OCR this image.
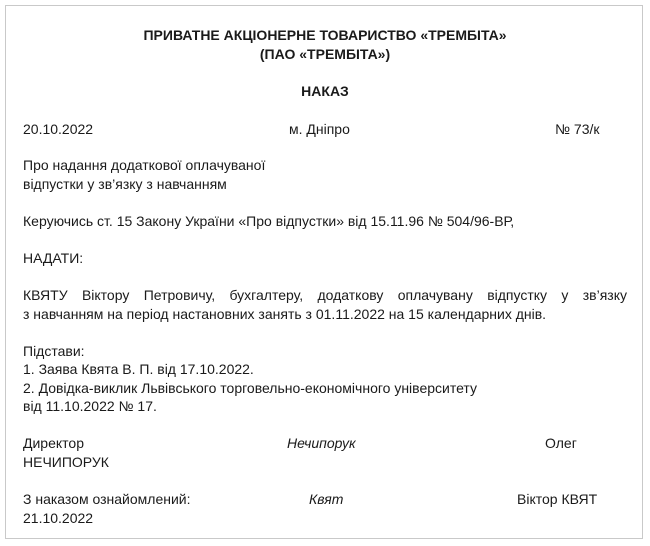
ПРИВАТНЕ АКЦІОНЕРНЕ ТОВАРИСТВО «ТРЕМБІТА»
(ПАО «ТРЕМБІТА»)
НАКАЗ
20.10.2022	м. Дніпро	№ 73/к
Про надання додаткової оплачуваної
відпустки у зв’язку з навчанням
Керуючись ст. 15 Закону України «Про відпустки» від 15.11.96 № 504/96-ВР,
НАДАТИ:
КВЯТУ Віктору Петровичу, бухгалтеру, додаткову оплачувану відпустку у зв’язку
з навчанням на період настановних занять з 01.11.2022 на 15 календарних днів.
Підстави:
1. Заява Квята В. П. від 17.10.2022.
2. Довідка-виклик Львівського торговельно-економічного університету
від 11.10.2022 № 17.
Директор	Нечипорук	Олег
НЕЧИПОРУК
З наказом ознайомлений:	Квят	Віктор КВЯТ
21.10.2022
